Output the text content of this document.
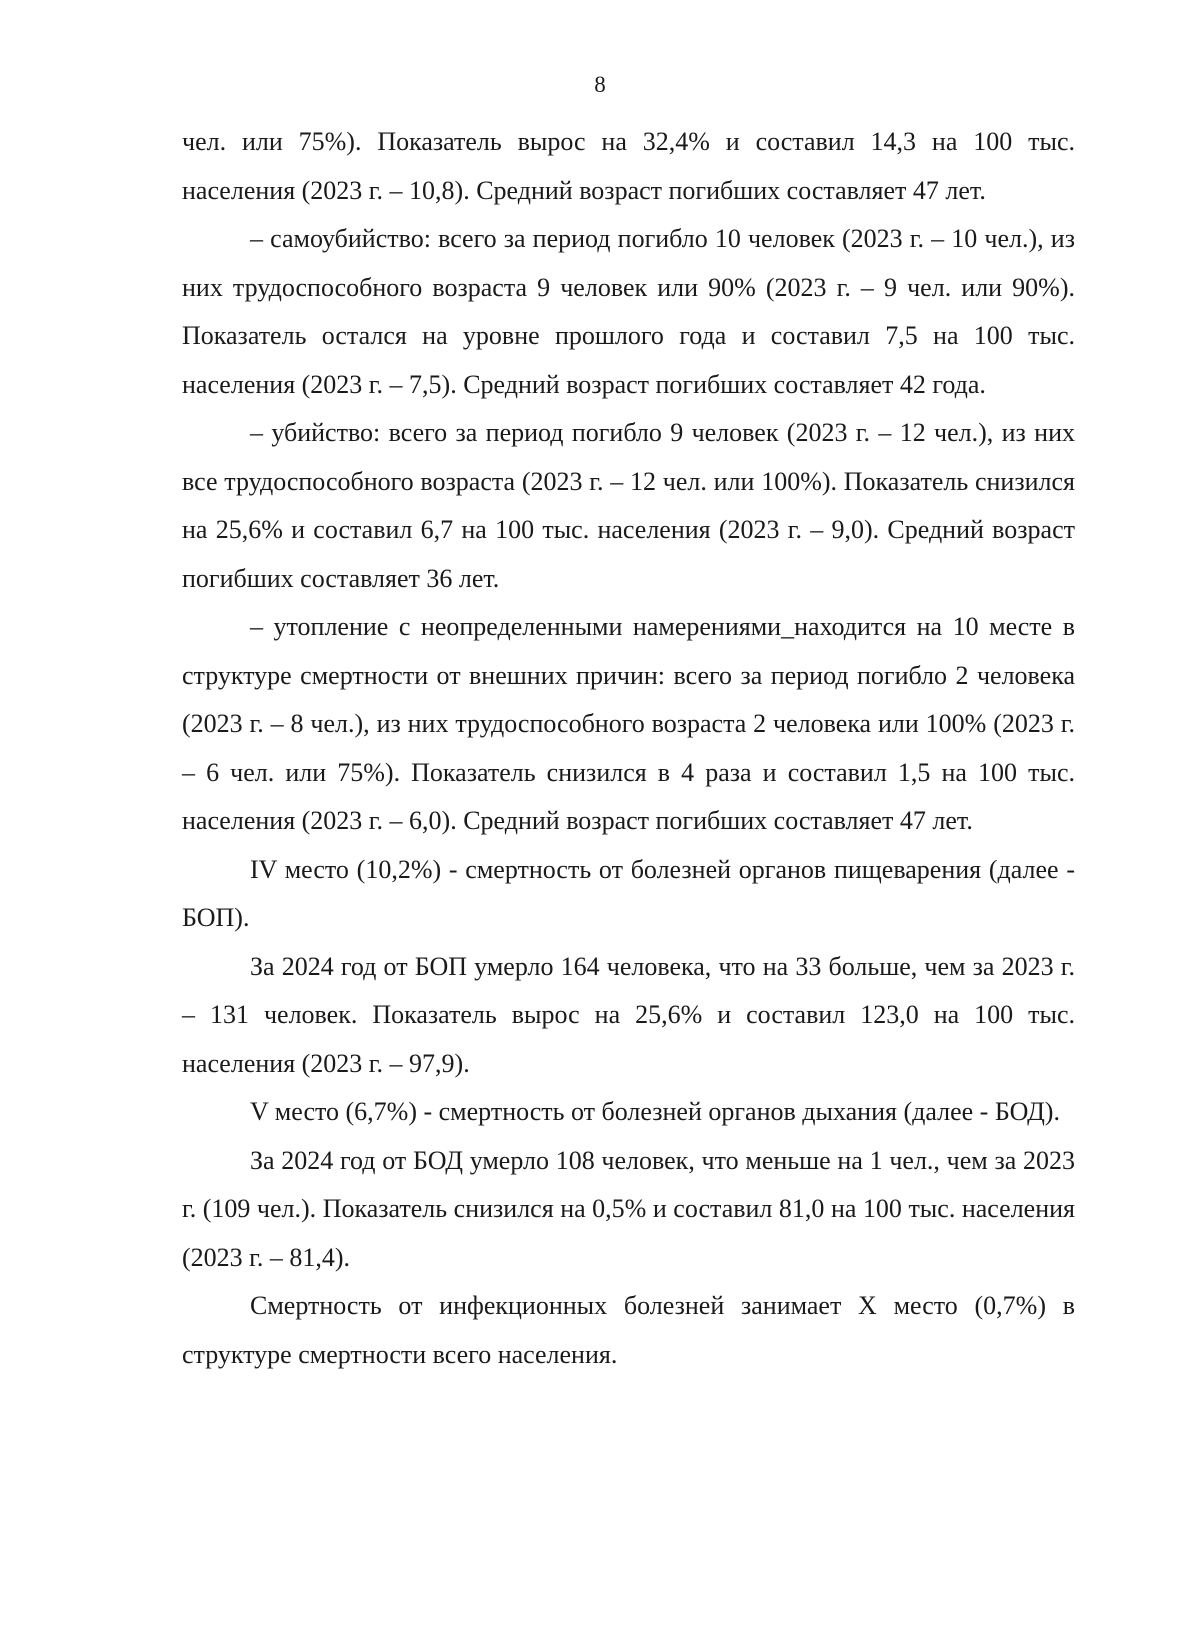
8

чел. или 75%). Показатель вырос на 32,4% и составил 14,3 на 100 тыс. населения (2023 г. – 10,8). Средний возраст погибших составляет 47 лет.

– самоубийство: всего за период погибло 10 человек (2023 г. – 10 чел.), из них трудоспособного возраста 9 человек или 90% (2023 г. – 9 чел. или 90%). Показатель остался на уровне прошлого года и составил 7,5 на 100 тыс. населения (2023 г. – 7,5). Средний возраст погибших составляет 42 года.

– убийство: всего за период погибло 9 человек (2023 г. – 12 чел.), из них все трудоспособного возраста (2023 г. – 12 чел. или 100%). Показатель снизился на 25,6% и составил 6,7 на 100 тыс. населения (2023 г. – 9,0). Средний возраст погибших составляет 36 лет.

– утопление с неопределенными намерениями_находится на 10 месте в структуре смертности от внешних причин: всего за период погибло 2 человека (2023 г. – 8 чел.), из них трудоспособного возраста 2 человека или 100% (2023 г. – 6 чел. или 75%). Показатель снизился в 4 раза и составил 1,5 на 100 тыс. населения (2023 г. – 6,0). Средний возраст погибших составляет 47 лет.

IV место (10,2%) - смертность от болезней органов пищеварения (далее - БОП).

За 2024 год от БОП умерло 164 человека, что на 33 больше, чем за 2023 г. – 131 человек. Показатель вырос на 25,6% и составил 123,0 на 100 тыс. населения (2023 г. – 97,9).

V место (6,7%) - смертность от болезней органов дыхания (далее - БОД).

За 2024 год от БОД умерло 108 человек, что меньше на 1 чел., чем за 2023 г. (109 чел.). Показатель снизился на 0,5% и составил 81,0 на 100 тыс. населения (2023 г. – 81,4).

Смертность от инфекционных болезней занимает X место (0,7%) в структуре смертности всего населения.
